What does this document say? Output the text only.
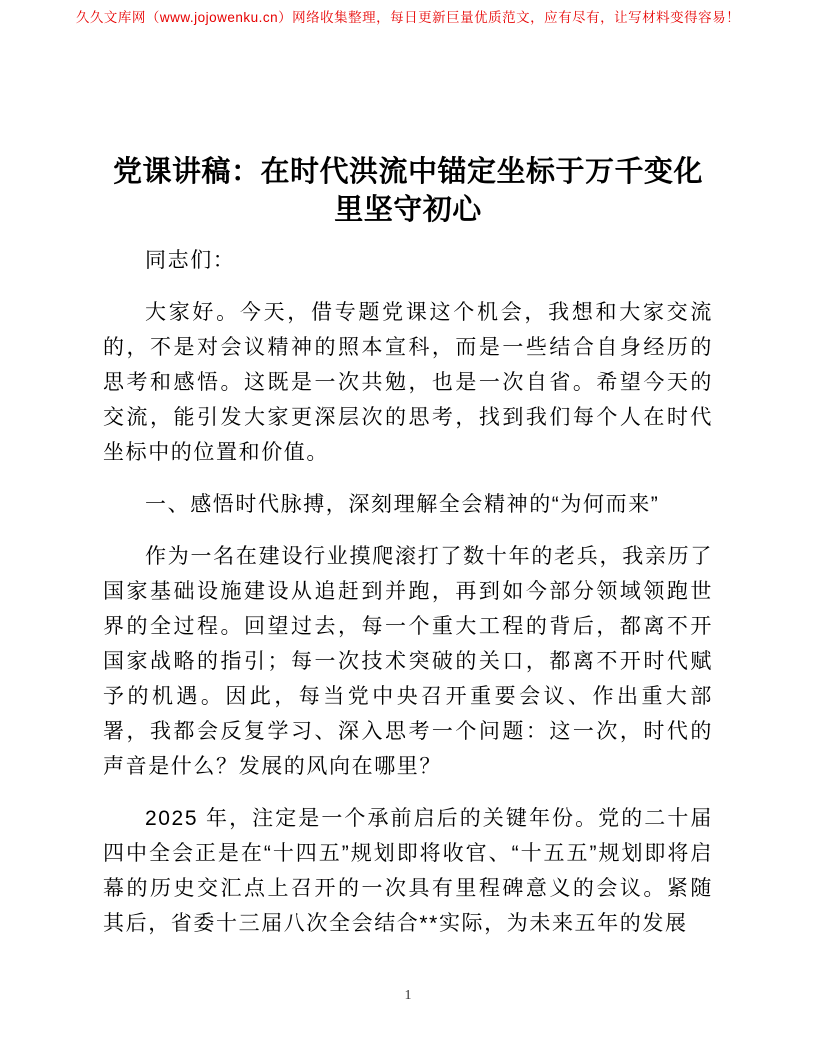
久久文库网（www.jojowenku.cn）网络收集整理，每日更新巨量优质范文，应有尽有，让写材料变得容易！
党课讲稿：在时代洪流中锚定坐标于万千变化里坚守初心

同志们：

大家好。今天，借专题党课这个机会，我想和大家交流的，不是对会议精神的照本宣科，而是一些结合自身经历的思考和感悟。这既是一次共勉，也是一次自省。希望今天的交流，能引发大家更深层次的思考，找到我们每个人在时代坐标中的位置和价值。

一、感悟时代脉搏，深刻理解全会精神的“为何而来”

作为一名在建设行业摸爬滚打了数十年的老兵，我亲历了国家基础设施建设从追赶到并跑，再到如今部分领域领跑世界的全过程。回望过去，每一个重大工程的背后，都离不开国家战略的指引；每一次技术突破的关口，都离不开时代赋予的机遇。因此，每当党中央召开重要会议、作出重大部署，我都会反复学习、深入思考一个问题：这一次，时代的声音是什么？发展的风向在哪里？

2025 年，注定是一个承前启后的关键年份。党的二十届四中全会正是在“十四五”规划即将收官、“十五五”规划即将启幕的历史交汇点上召开的一次具有里程碑意义的会议。紧随其后，省委十三届八次全会结合**实际，为未来五年的发展

1
